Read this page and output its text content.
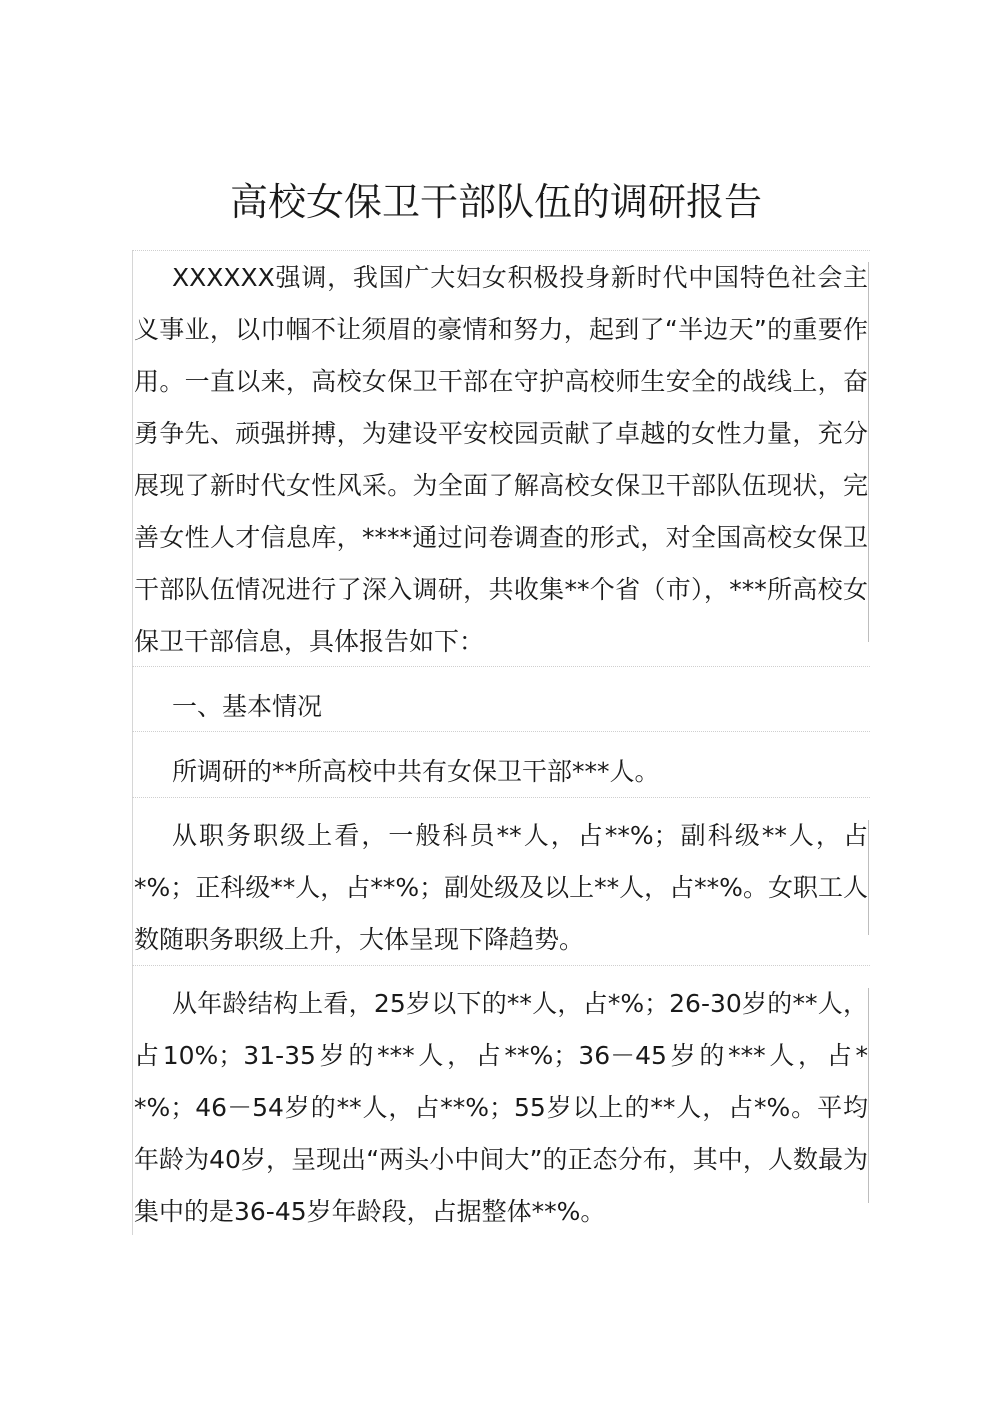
高校女保卫干部队伍的调研报告

XXXXXX强调，我国广大妇女积极投身新时代中国特色社会主义事业，以巾帼不让须眉的豪情和努力，起到了“半边天”的重要作用。一直以来，高校女保卫干部在守护高校师生安全的战线上，奋勇争先、顽强拼搏，为建设平安校园贡献了卓越的女性力量，充分展现了新时代女性风采。为全面了解高校女保卫干部队伍现状，完善女性人才信息库，****通过问卷调查的形式，对全国高校女保卫干部队伍情况进行了深入调研，共收集**个省（市），***所高校女保卫干部信息，具体报告如下：

一、基本情况

所调研的**所高校中共有女保卫干部***人。

从职务职级上看，一般科员**人，占**%；副科级**人，占*%；正科级**人，占**%；副处级及以上**人，占**%。女职工人数随职务职级上升，大体呈现下降趋势。

从年龄结构上看，25岁以下的**人，占*%；26-30岁的**人，占10%；31-35岁的***人，占**%；36－45岁的***人，占**%；46－54岁的**人，占**%；55岁以上的**人，占*%。平均年龄为40岁，呈现出“两头小中间大”的正态分布，其中，人数最为集中的是36-45岁年龄段，占据整体**%。
